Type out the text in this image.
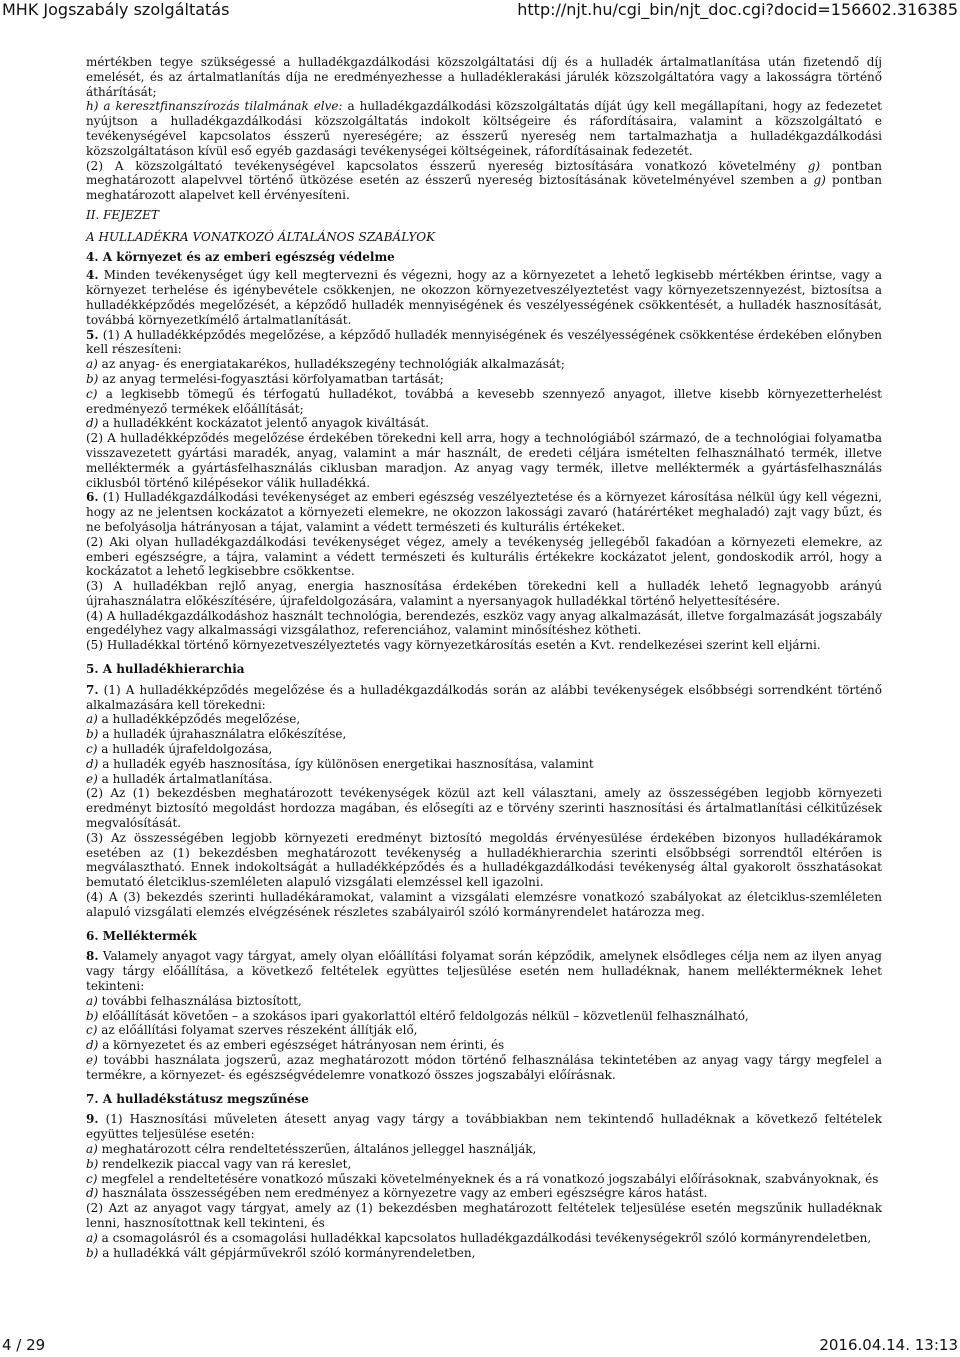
MHK Jogszabály szolgáltatás	http://njt.hu/cgi_bin/njt_doc.cgi?docid=156602.316385

mértékben tegye szükségessé a hulladékgazdálkodási közszolgáltatási díj és a hulladék ártalmatlanítása után fizetendő díj emelését, és az ártalmatlanítás díja ne eredményezhesse a hulladéklerakási járulék közszolgáltatóra vagy a lakosságra történő áthárítását;

h) a keresztfinanszírozás tilalmának elve: a hulladékgazdálkodási közszolgáltatás díját úgy kell megállapítani, hogy az fedezetet nyújtson a hulladékgazdálkodási közszolgáltatás indokolt költségeire és ráfordításaira, valamint a közszolgáltató e tevékenységével kapcsolatos ésszerű nyereségére; az ésszerű nyereség nem tartalmazhatja a hulladékgazdálkodási közszolgáltatáson kívül eső egyéb gazdasági tevékenységei költségeinek, ráfordításainak fedezetét.

(2) A közszolgáltató tevékenységével kapcsolatos ésszerű nyereség biztosítására vonatkozó követelmény g) pontban meghatározott alapelvvel történő ütközése esetén az ésszerű nyereség biztosításának követelményével szemben a g) pontban meghatározott alapelvet kell érvényesíteni.

II. FEJEZET

A HULLADÉKRA VONATKOZÓ ÁLTALÁNOS SZABÁLYOK

4. A környezet és az emberi egészség védelme

4. Minden tevékenységet úgy kell megtervezni és végezni, hogy az a környezetet a lehető legkisebb mértékben érintse, vagy a környezet terhelése és igénybevétele csökkenjen, ne okozzon környezetveszélyeztetést vagy környezetszennyezést, biztosítsa a hulladékképződés megelőzését, a képződő hulladék mennyiségének és veszélyességének csökkentését, a hulladék hasznosítását, továbbá környezetkímélő ártalmatlanítását.

5. (1) A hulladékképződés megelőzése, a képződő hulladék mennyiségének és veszélyességének csökkentése érdekében előnyben kell részesíteni:

a) az anyag- és energiatakarékos, hulladékszegény technológiák alkalmazását;

b) az anyag termelési-fogyasztási körfolyamatban tartását;

c) a legkisebb tömegű és térfogatú hulladékot, továbbá a kevesebb szennyező anyagot, illetve kisebb környezetterhelést eredményező termékek előállítását;

d) a hulladékként kockázatot jelentő anyagok kiváltását.

(2) A hulladékképződés megelőzése érdekében törekedni kell arra, hogy a technológiából származó, de a technológiai folyamatba visszavezetett gyártási maradék, anyag, valamint a már használt, de eredeti céljára ismételten felhasználható termék, illetve melléktermék a gyártásfelhasználás ciklusban maradjon. Az anyag vagy termék, illetve melléktermék a gyártásfelhasználás ciklusból történő kilépésekor válik hulladékká.

6. (1) Hulladékgazdálkodási tevékenységet az emberi egészség veszélyeztetése és a környezet károsítása nélkül úgy kell végezni, hogy az ne jelentsen kockázatot a környezeti elemekre, ne okozzon lakossági zavaró (határértéket meghaladó) zajt vagy bűzt, és ne befolyásolja hátrányosan a tájat, valamint a védett természeti és kulturális értékeket.

(2) Aki olyan hulladékgazdálkodási tevékenységet végez, amely a tevékenység jellegéből fakadóan a környezeti elemekre, az emberi egészségre, a tájra, valamint a védett természeti és kulturális értékekre kockázatot jelent, gondoskodik arról, hogy a kockázatot a lehető legkisebbre csökkentse.

(3) A hulladékban rejlő anyag, energia hasznosítása érdekében törekedni kell a hulladék lehető legnagyobb arányú újrahasználatra előkészítésére, újrafeldolgozására, valamint a nyersanyagok hulladékkal történő helyettesítésére.

(4) A hulladékgazdálkodáshoz használt technológia, berendezés, eszköz vagy anyag alkalmazását, illetve forgalmazását jogszabály engedélyhez vagy alkalmassági vizsgálathoz, referenciához, valamint minősítéshez kötheti.

(5) Hulladékkal történő környezetveszélyeztetés vagy környezetkárosítás esetén a Kvt. rendelkezései szerint kell eljárni.

5. A hulladékhierarchia

7. (1) A hulladékképződés megelőzése és a hulladékgazdálkodás során az alábbi tevékenységek elsőbbségi sorrendként történő alkalmazására kell törekedni:

a) a hulladékképződés megelőzése,

b) a hulladék újrahasználatra előkészítése,

c) a hulladék újrafeldolgozása,

d) a hulladék egyéb hasznosítása, így különösen energetikai hasznosítása, valamint

e) a hulladék ártalmatlanítása.

(2) Az (1) bekezdésben meghatározott tevékenységek közül azt kell választani, amely az összességében legjobb környezeti eredményt biztosító megoldást hordozza magában, és elősegíti az e törvény szerinti hasznosítási és ártalmatlanítási célkitűzések megvalósítását.

(3) Az összességében legjobb környezeti eredményt biztosító megoldás érvényesülése érdekében bizonyos hulladékáramok esetében az (1) bekezdésben meghatározott tevékenység a hulladékhierarchia szerinti elsőbbségi sorrendtől eltérően is megválasztható. Ennek indokoltságát a hulladékképződés és a hulladékgazdálkodási tevékenység által gyakorolt összhatásokat bemutató életciklus-szemléleten alapuló vizsgálati elemzéssel kell igazolni.

(4) A (3) bekezdés szerinti hulladékáramokat, valamint a vizsgálati elemzésre vonatkozó szabályokat az életciklus-szemléleten alapuló vizsgálati elemzés elvégzésének részletes szabályairól szóló kormányrendelet határozza meg.

6. Melléktermék

8. Valamely anyagot vagy tárgyat, amely olyan előállítási folyamat során képződik, amelynek elsődleges célja nem az ilyen anyag vagy tárgy előállítása, a következő feltételek együttes teljesülése esetén nem hulladéknak, hanem mellékterméknek lehet tekinteni:

a) további felhasználása biztosított,

b) előállítását követően – a szokásos ipari gyakorlattól eltérő feldolgozás nélkül – közvetlenül felhasználható,

c) az előállítási folyamat szerves részeként állítják elő,

d) a környezetet és az emberi egészséget hátrányosan nem érinti, és

e) további használata jogszerű, azaz meghatározott módon történő felhasználása tekintetében az anyag vagy tárgy megfelel a termékre, a környezet- és egészségvédelemre vonatkozó összes jogszabályi előírásnak.

7. A hulladékstátusz megszűnése

9. (1) Hasznosítási műveleten átesett anyag vagy tárgy a továbbiakban nem tekintendő hulladéknak a következő feltételek együttes teljesülése esetén:

a) meghatározott célra rendeltetésszerűen, általános jelleggel használják,

b) rendelkezik piaccal vagy van rá kereslet,

c) megfelel a rendeltetésére vonatkozó műszaki követelményeknek és a rá vonatkozó jogszabályi előírásoknak, szabványoknak, és

d) használata összességében nem eredményez a környezetre vagy az emberi egészségre káros hatást.

(2) Azt az anyagot vagy tárgyat, amely az (1) bekezdésben meghatározott feltételek teljesülése esetén megszűnik hulladéknak lenni, hasznosítottnak kell tekinteni, és

a) a csomagolásról és a csomagolási hulladékkal kapcsolatos hulladékgazdálkodási tevékenységekről szóló kormányrendeletben,

b) a hulladékká vált gépjárművekről szóló kormányrendeletben,

4 / 29	2016.04.14. 13:13
